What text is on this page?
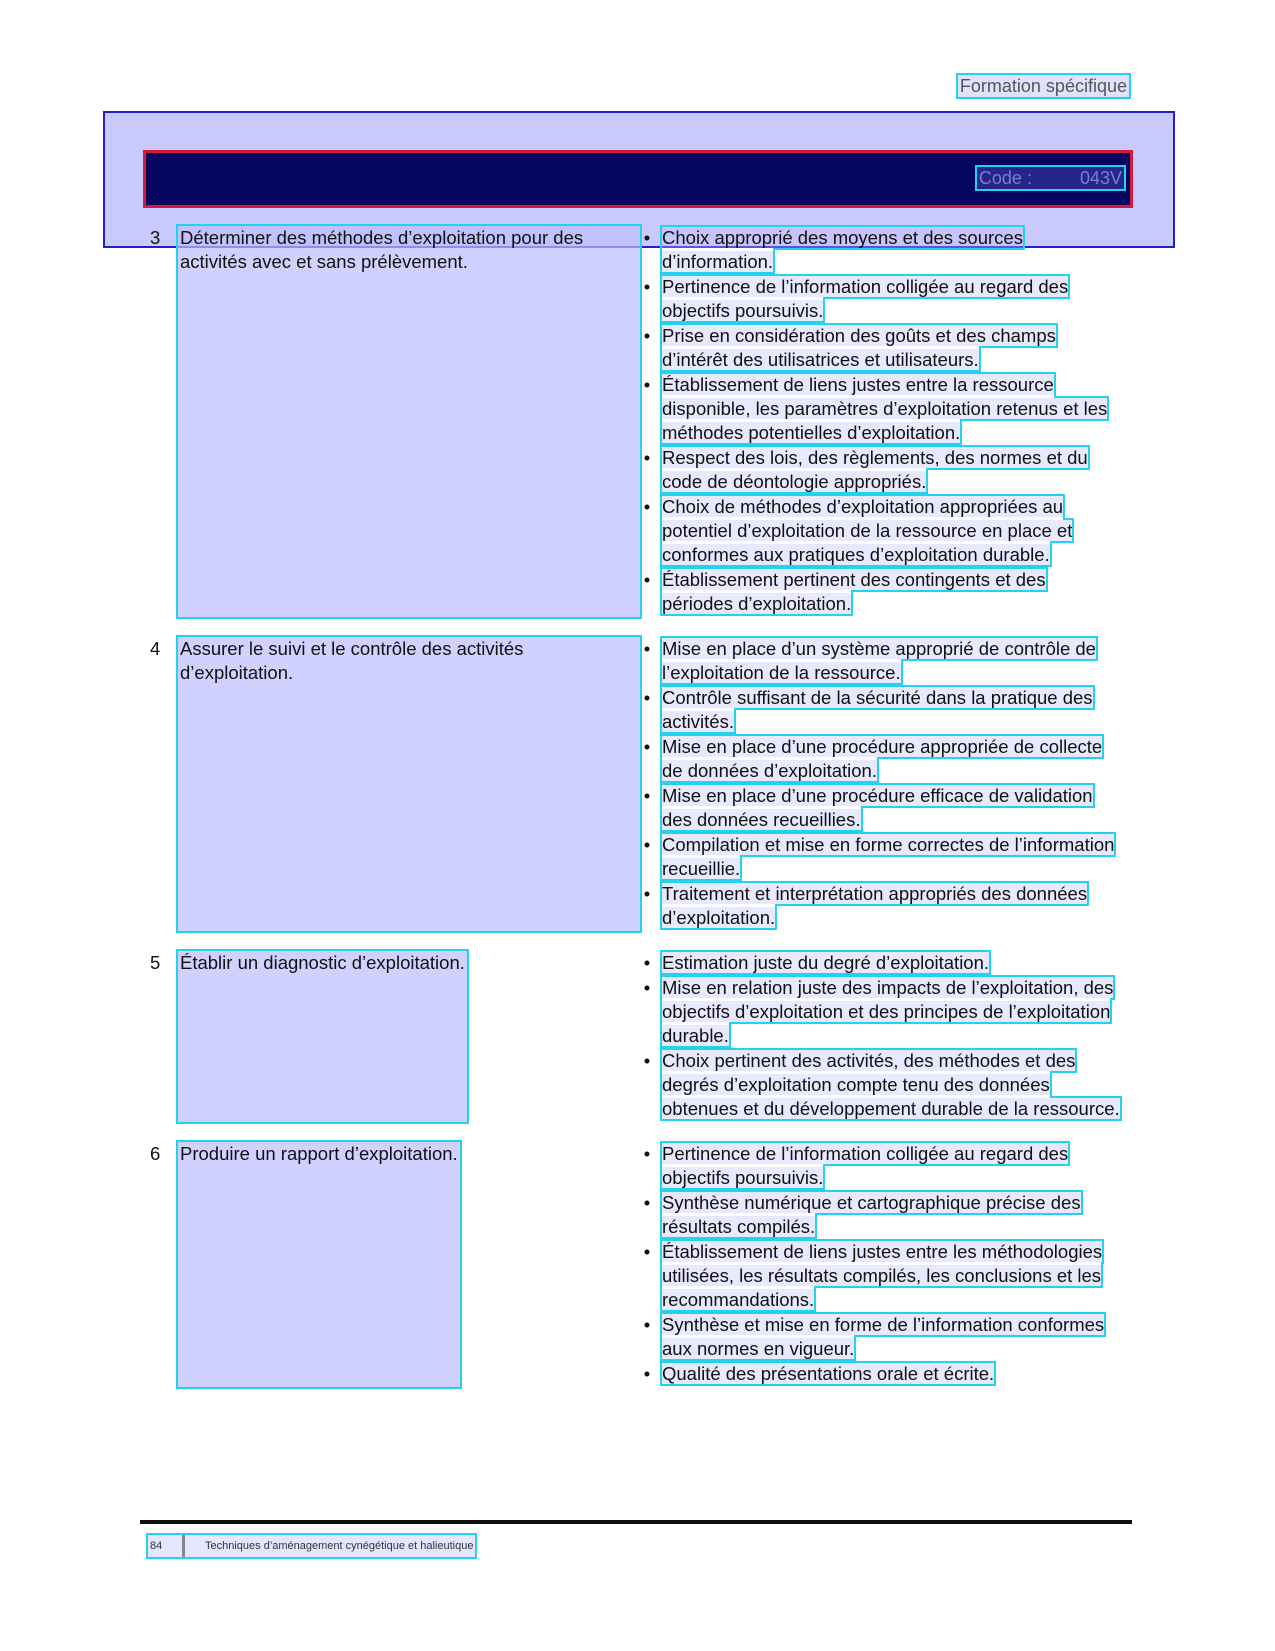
Formation spécifique
Code :	043V
3	Déterminer des méthodes d’exploitation pour des activités avec et sans prélèvement.
• Choix approprié des moyens et des sources d’information.
• Pertinence de l’information colligée au regard des objectifs poursuivis.
• Prise en considération des goûts et des champs d’intérêt des utilisatrices et utilisateurs.
• Établissement de liens justes entre la ressource disponible, les paramètres d’exploitation retenus et les méthodes potentielles d’exploitation.
• Respect des lois, des règlements, des normes et du code de déontologie appropriés.
• Choix de méthodes d’exploitation appropriées au potentiel d’exploitation de la ressource en place et conformes aux pratiques d’exploitation durable.
• Établissement pertinent des contingents et des périodes d’exploitation.
4	Assurer le suivi et le contrôle des activités d’exploitation.
• Mise en place d’un système approprié de contrôle de l’exploitation de la ressource.
• Contrôle suffisant de la sécurité dans la pratique des activités.
• Mise en place d’une procédure appropriée de collecte de données d’exploitation.
• Mise en place d’une procédure efficace de validation des données recueillies.
• Compilation et mise en forme correctes de l’information recueillie.
• Traitement et interprétation appropriés des données d’exploitation.
5	Établir un diagnostic d’exploitation.	• Estimation juste du degré d’exploitation.
• Mise en relation juste des impacts de l’exploitation, des objectifs d’exploitation et des principes de l’exploitation durable.
• Choix pertinent des activités, des méthodes et des degrés d’exploitation compte tenu des données obtenues et du développement durable de la ressource.
6	Produire un rapport d’exploitation.	• Pertinence de l’information colligée au regard des objectifs poursuivis.
• Synthèse numérique et cartographique précise des résultats compilés.
• Établissement de liens justes entre les méthodologies utilisées, les résultats compilés, les conclusions et les recommandations.
• Synthèse et mise en forme de l’information conformes aux normes en vigueur.
• Qualité des présentations orale et écrite.
84	Techniques d’aménagement cynégétique et halieutique
